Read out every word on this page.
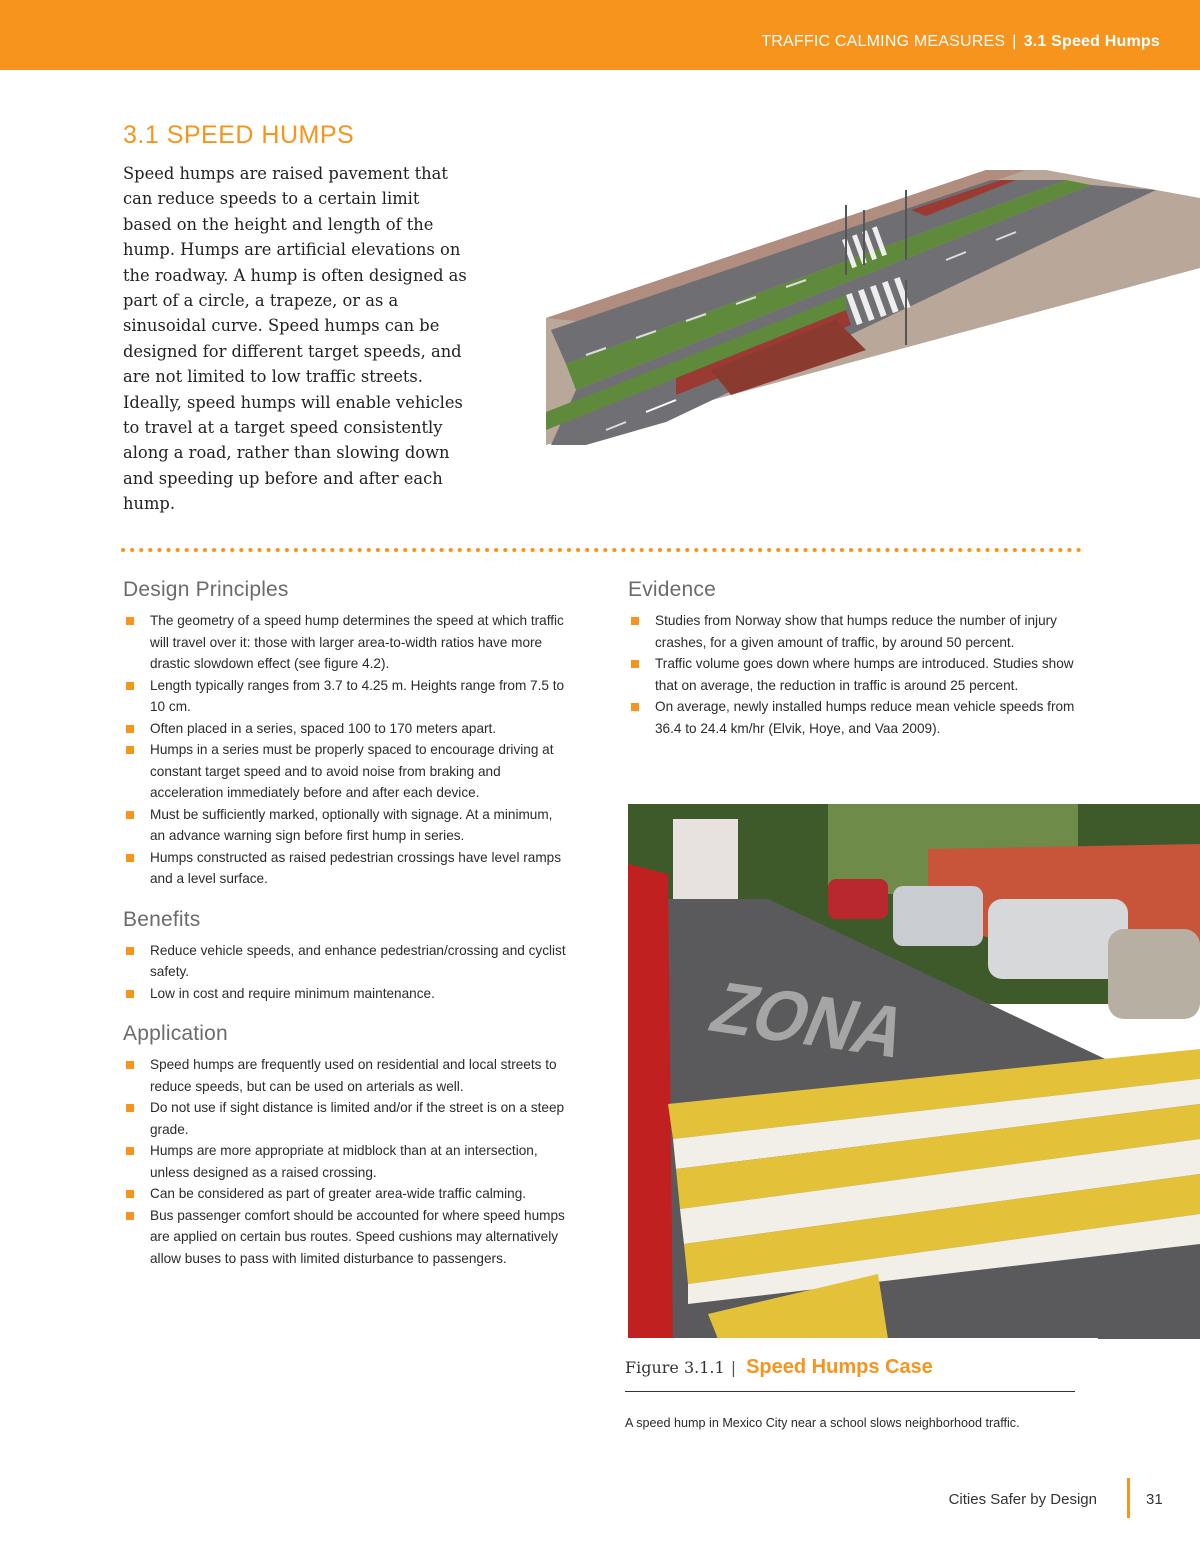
TRAFFIC CALMING MEASURES | 3.1 Speed Humps
3.1 SPEED HUMPS

Speed humps are raised pavement that can reduce speeds to a certain limit based on the height and length of the hump. Humps are artificial elevations on the roadway. A hump is often designed as part of a circle, a trapeze, or as a sinusoidal curve. Speed humps can be designed for different target speeds, and are not limited to low traffic streets. Ideally, speed humps will enable vehicles to travel at a target speed consistently along a road, rather than slowing down and speeding up before and after each hump.

Design Principles
The geometry of a speed hump determines the speed at which traffic will travel over it: those with larger area-to-width ratios have more drastic slowdown effect (see figure 4.2).
Length typically ranges from 3.7 to 4.25 m. Heights range from 7.5 to 10 cm.
Often placed in a series, spaced 100 to 170 meters apart.
Humps in a series must be properly spaced to encourage driving at constant target speed and to avoid noise from braking and acceleration immediately before and after each device.
Must be sufficiently marked, optionally with signage. At a minimum, an advance warning sign before first hump in series.
Humps constructed as raised pedestrian crossings have level ramps and a level surface.
Benefits
Reduce vehicle speeds, and enhance pedestrian/crossing and cyclist safety.
Low in cost and require minimum maintenance.
Application
Speed humps are frequently used on residential and local streets to reduce speeds, but can be used on arterials as well.
Do not use if sight distance is limited and/or if the street is on a steep grade.
Humps are more appropriate at midblock than at an intersection, unless designed as a raised crossing.
Can be considered as part of greater area-wide traffic calming.
Bus passenger comfort should be accounted for where speed humps are applied on certain bus routes. Speed cushions may alternatively allow buses to pass with limited disturbance to passengers.
Evidence
Studies from Norway show that humps reduce the number of injury crashes, for a given amount of traffic, by around 50 percent.
Traffic volume goes down where humps are introduced. Studies show that on average, the reduction in traffic is around 25 percent.
On average, newly installed humps reduce mean vehicle speeds from 36.4 to 24.4 km/hr (Elvik, Hoye, and Vaa 2009).
ZONA
Figure 3.1.1 | Speed Humps Case
A speed hump in Mexico City near a school slows neighborhood traffic.
Cities Safer by Design	31
